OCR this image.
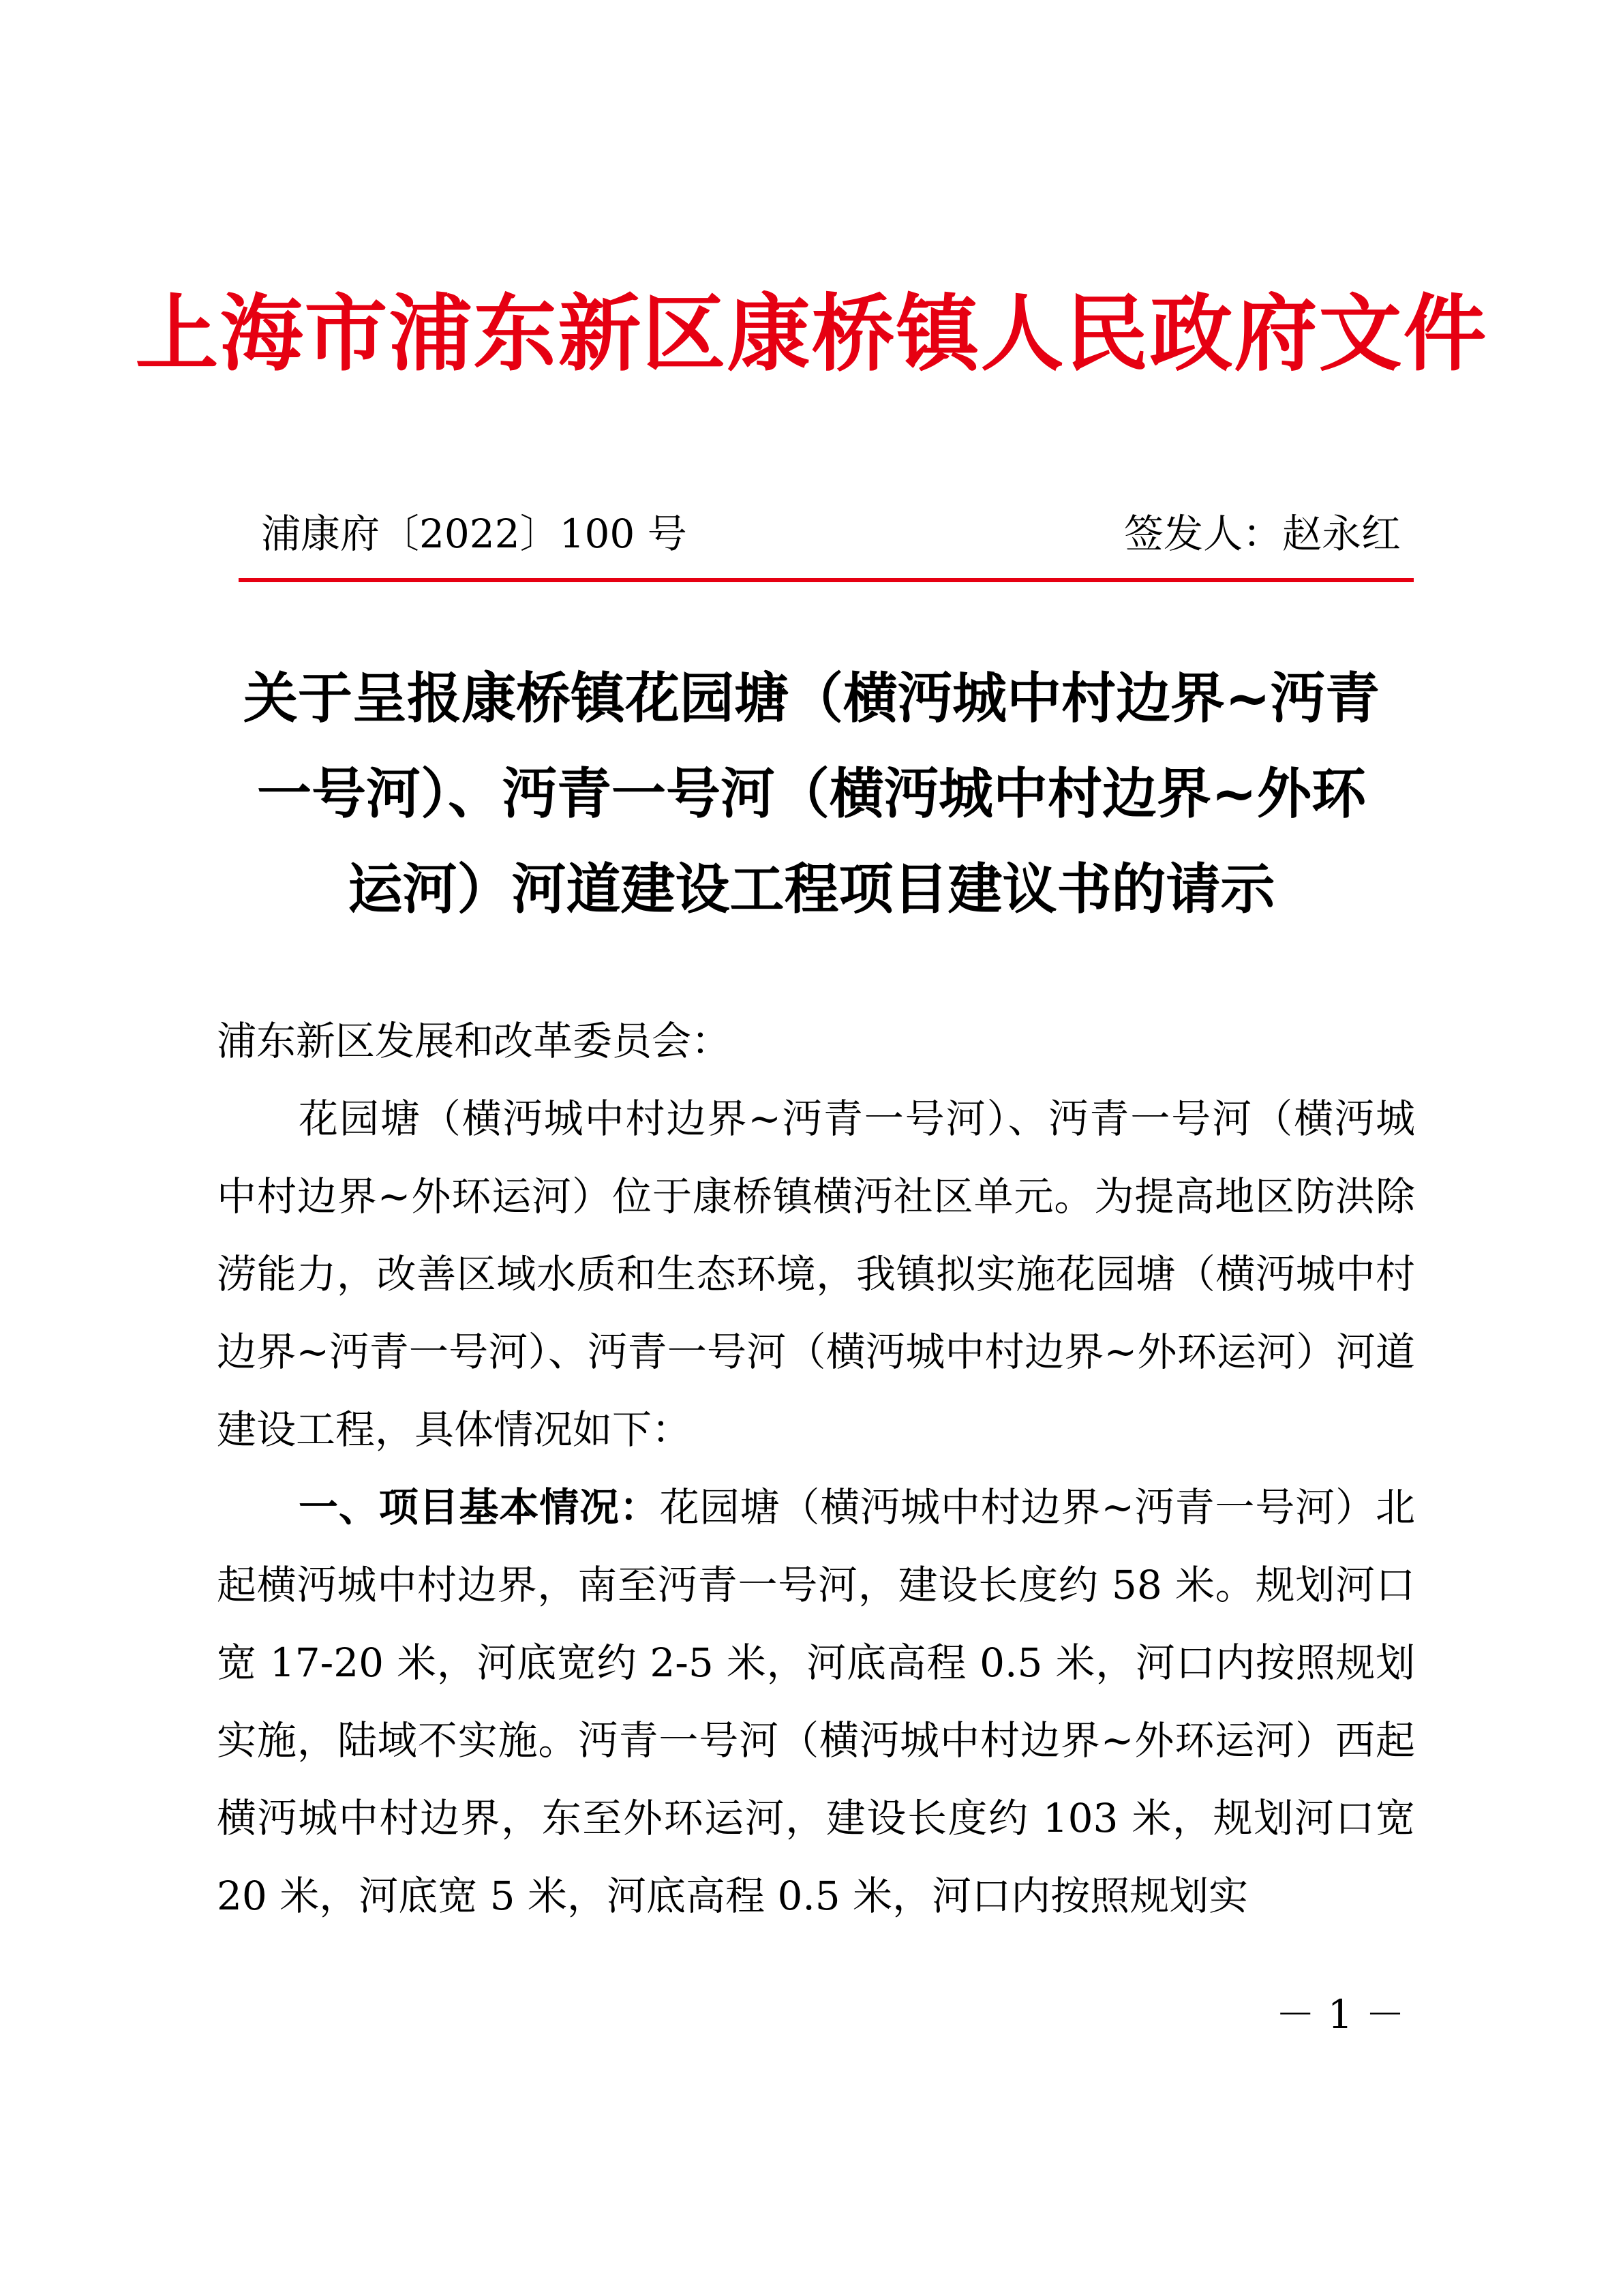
上海市浦东新区康桥镇人民政府文件
浦康府〔2022〕100 号	签发人：赵永红
关于呈报康桥镇花园塘（横沔城中村边界~沔青
一号河）、沔青一号河（横沔城中村边界~外环
运河）河道建设工程项目建议书的请示

浦东新区发展和改革委员会：

花园塘（横沔城中村边界~沔青一号河）、沔青一号河（横沔城中村边界~外环运河）位于康桥镇横沔社区单元。为提高地区防洪除涝能力，改善区域水质和生态环境，我镇拟实施花园塘（横沔城中村边界~沔青一号河）、沔青一号河（横沔城中村边界~外环运河）河道建设工程，具体情况如下：

一、项目基本情况：花园塘（横沔城中村边界~沔青一号河）北起横沔城中村边界，南至沔青一号河，建设长度约 58 米。规划河口宽 17-20 米，河底宽约 2-5 米，河底高程 0.5 米，河口内按照规划实施，陆域不实施。沔青一号河（横沔城中村边界~外环运河）西起横沔城中村边界，东至外环运河，建设长度约 103 米，规划河口宽 20 米，河底宽 5 米，河底高程 0.5 米，河口内按照规划实

－ 1 －
